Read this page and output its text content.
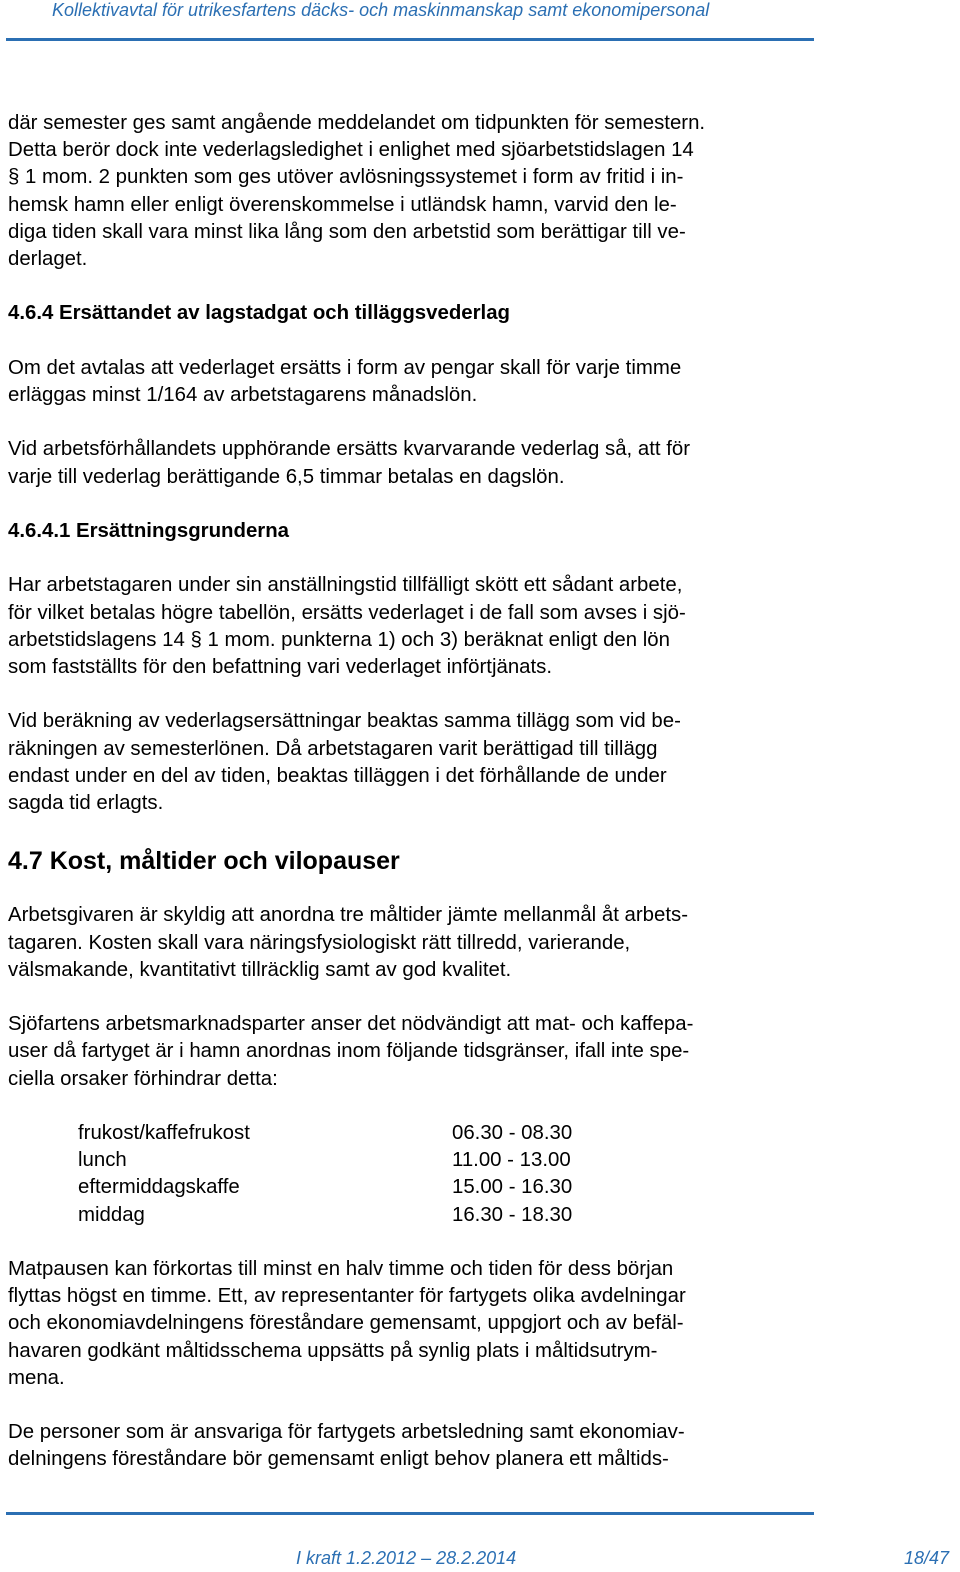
Kollektivavtal för utrikesfartens däcks- och maskinmanskap samt ekonomipersonal

där semester ges samt angående meddelandet om tidpunkten för semestern.
Detta berör dock inte vederlagsledighet i enlighet med sjöarbetstidslagen 14
§ 1 mom. 2 punkten som ges utöver avlösningssystemet i form av fritid i in-
hemsk hamn eller enligt överenskommelse i utländsk hamn, varvid den le-
diga tiden skall vara minst lika lång som den arbetstid som berättigar till ve-
derlaget.

4.6.4 Ersättandet av lagstadgat och tilläggsvederlag

Om det avtalas att vederlaget ersätts i form av pengar skall för varje timme
erläggas minst 1/164 av arbetstagarens månadslön.

Vid arbetsförhållandets upphörande ersätts kvarvarande vederlag så, att för
varje till vederlag berättigande 6,5 timmar betalas en dagslön.

4.6.4.1 Ersättningsgrunderna

Har arbetstagaren under sin anställningstid tillfälligt skött ett sådant arbete,
för vilket betalas högre tabellön, ersätts vederlaget i de fall som avses i sjö-
arbetstidslagens 14 § 1 mom. punkterna 1) och 3) beräknat enligt den lön
som fastställts för den befattning vari vederlaget införtjänats.

Vid beräkning av vederlagsersättningar beaktas samma tillägg som vid be-
räkningen av semesterlönen. Då arbetstagaren varit berättigad till tillägg
endast under en del av tiden, beaktas tilläggen i det förhållande de under
sagda tid erlagts.

4.7 Kost, måltider och vilopauser

Arbetsgivaren är skyldig att anordna tre måltider jämte mellanmål åt arbets-
tagaren. Kosten skall vara näringsfysiologiskt rätt tillredd, varierande,
välsmakande, kvantitativt tillräcklig samt av god kvalitet.

Sjöfartens arbetsmarknadsparter anser det nödvändigt att mat- och kaffepa-
user då fartyget är i hamn anordnas inom följande tidsgränser, ifall inte spe-
ciella orsaker förhindrar detta:

frukost/kaffefrukost	06.30 - 08.30
lunch	11.00 - 13.00
eftermiddagskaffe	15.00 - 16.30
middag	16.30 - 18.30

Matpausen kan förkortas till minst en halv timme och tiden för dess början
flyttas högst en timme. Ett, av representanter för fartygets olika avdelningar
och ekonomiavdelningens föreståndare gemensamt, uppgjort och av befäl-
havaren godkänt måltidsschema uppsätts på synlig plats i måltidsutrym-
mena.

De personer som är ansvariga för fartygets arbetsledning samt ekonomiav-
delningens föreståndare bör gemensamt enligt behov planera ett måltids-

I kraft 1.2.2012 – 28.2.2014	18/47
